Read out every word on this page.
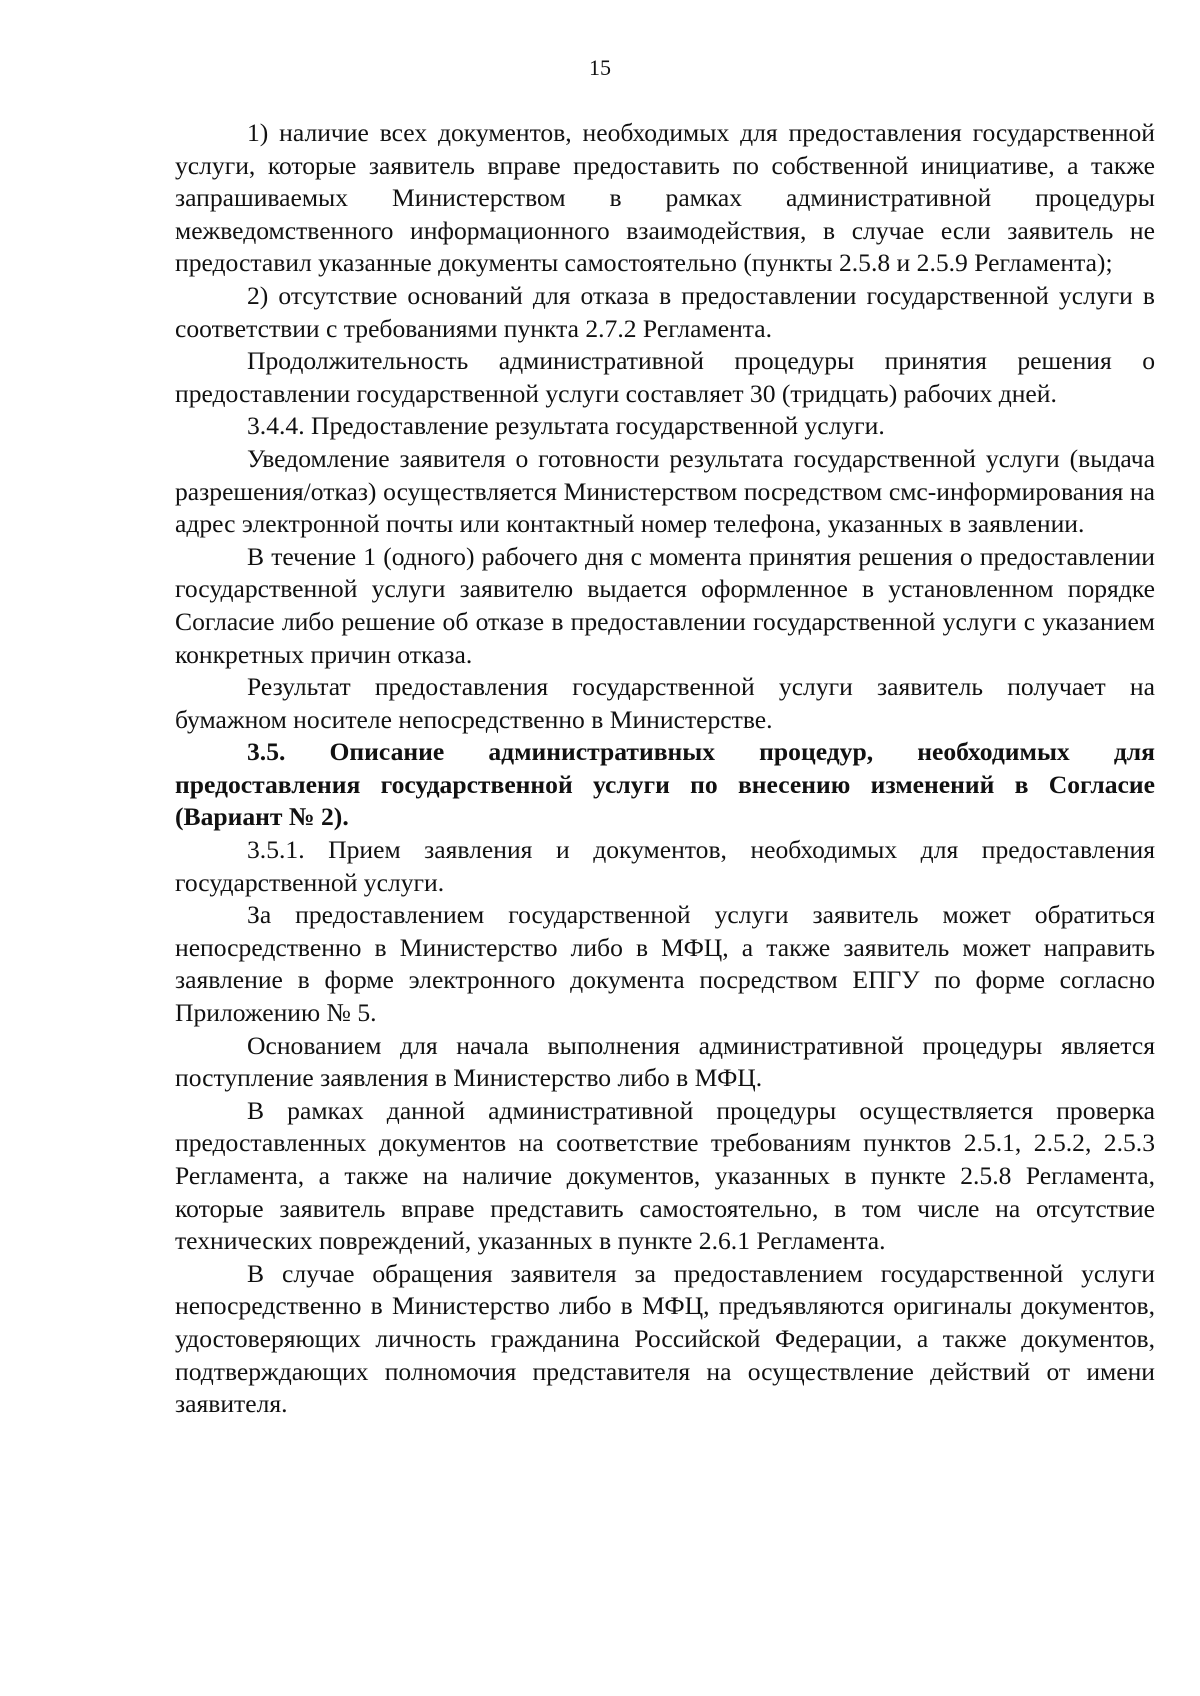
15

1) наличие всех документов, необходимых для предоставления государственной услуги, которые заявитель вправе предоставить по собственной инициативе, а также запрашиваемых Министерством в рамках административной процедуры межведомственного информационного взаимодействия, в случае если заявитель не предоставил указанные документы самостоятельно (пункты 2.5.8 и 2.5.9 Регламента);

2) отсутствие оснований для отказа в предоставлении государственной услуги в соответствии с требованиями пункта 2.7.2 Регламента.

Продолжительность административной процедуры принятия решения о предоставлении государственной услуги составляет 30 (тридцать) рабочих дней.

3.4.4. Предоставление результата государственной услуги.

Уведомление заявителя о готовности результата государственной услуги (выдача разрешения/отказ) осуществляется Министерством посредством смс-информирования на адрес электронной почты или контактный номер телефона, указанных в заявлении.

В течение 1 (одного) рабочего дня с момента принятия решения о предоставлении государственной услуги заявителю выдается оформленное в установленном порядке Согласие либо решение об отказе в предоставлении государственной услуги с указанием конкретных причин отказа.

Результат предоставления государственной услуги заявитель получает на бумажном носителе непосредственно в Министерстве.

3.5. Описание административных процедур, необходимых для предоставления государственной услуги по внесению изменений в Согласие (Вариант № 2).

3.5.1. Прием заявления и документов, необходимых для предоставления государственной услуги.

За предоставлением государственной услуги заявитель может обратиться непосредственно в Министерство либо в МФЦ, а также заявитель может направить заявление в форме электронного документа посредством ЕПГУ по форме согласно Приложению № 5.

Основанием для начала выполнения административной процедуры является поступление заявления в Министерство либо в МФЦ.

В рамках данной административной процедуры осуществляется проверка предоставленных документов на соответствие требованиям пунктов 2.5.1, 2.5.2, 2.5.3 Регламента, а также на наличие документов, указанных в пункте 2.5.8 Регламента, которые заявитель вправе представить самостоятельно, в том числе на отсутствие технических повреждений, указанных в пункте 2.6.1 Регламента.

В случае обращения заявителя за предоставлением государственной услуги непосредственно в Министерство либо в МФЦ, предъявляются оригиналы документов, удостоверяющих личность гражданина Российской Федерации, а также документов, подтверждающих полномочия представителя на осуществление действий от имени заявителя.
